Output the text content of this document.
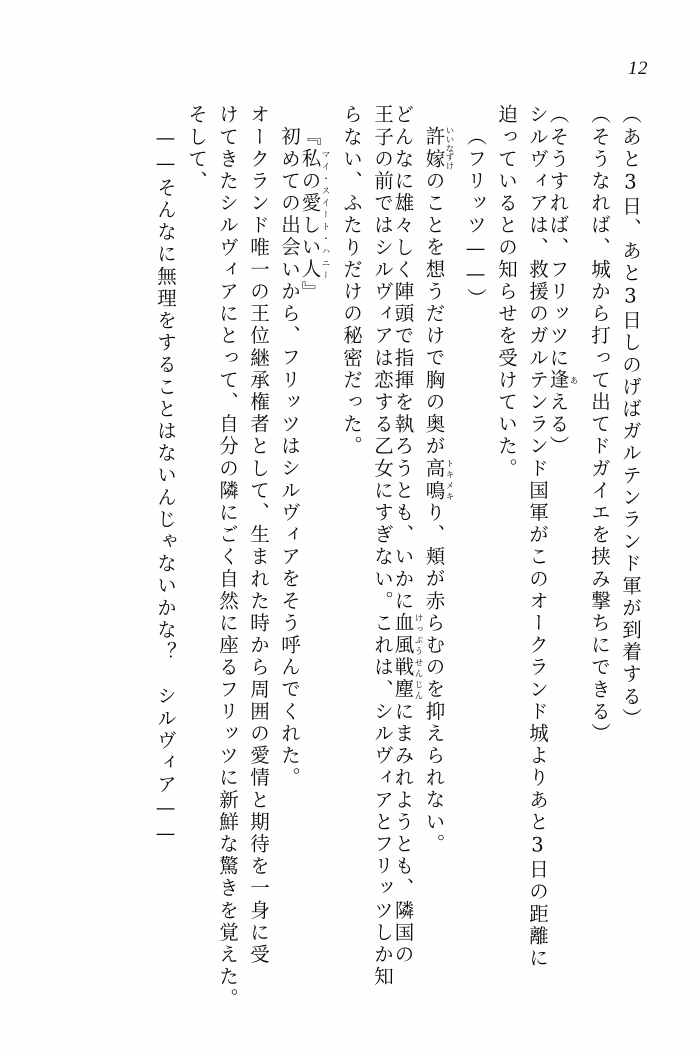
12
（あと3日、あと3日しのげばガルテンランド軍が到着する）
（そうなれば、城から打って出てドガイエを挟み撃ちにできる）
（そうすれば、フリッツに逢あえる）
シルヴィアは、救援のガルテンランド国軍がこのオークランド城よりあと3日の距離に
迫っているとの知らせを受けていた。
（フリッツ——）
許嫁いいなずけのことを想うだけで胸の奥が高鳴トキメキり、頬が赤らむのを抑えられない。
どんなに雄々しく陣頭で指揮を執ろうとも、いかに血風戦塵けっぷうせんじんにまみれようとも、隣国の
王子の前ではシルヴィアは恋する乙女にすぎない。これは、シルヴィアとフリッツしか知
らない、ふたりだけの秘密だった。
『私の愛しい人マイ・スイート・ハニー』
初めての出会いから、フリッツはシルヴィアをそう呼んでくれた。
オークランド唯一の王位継承権者として、生まれた時から周囲の愛情と期待を一身に受
けてきたシルヴィアにとって、自分の隣にごく自然に座るフリッツに新鮮な驚きを覚えた。
そして、
——そんなに無理をすることはないんじゃないかな？　シルヴィア——
